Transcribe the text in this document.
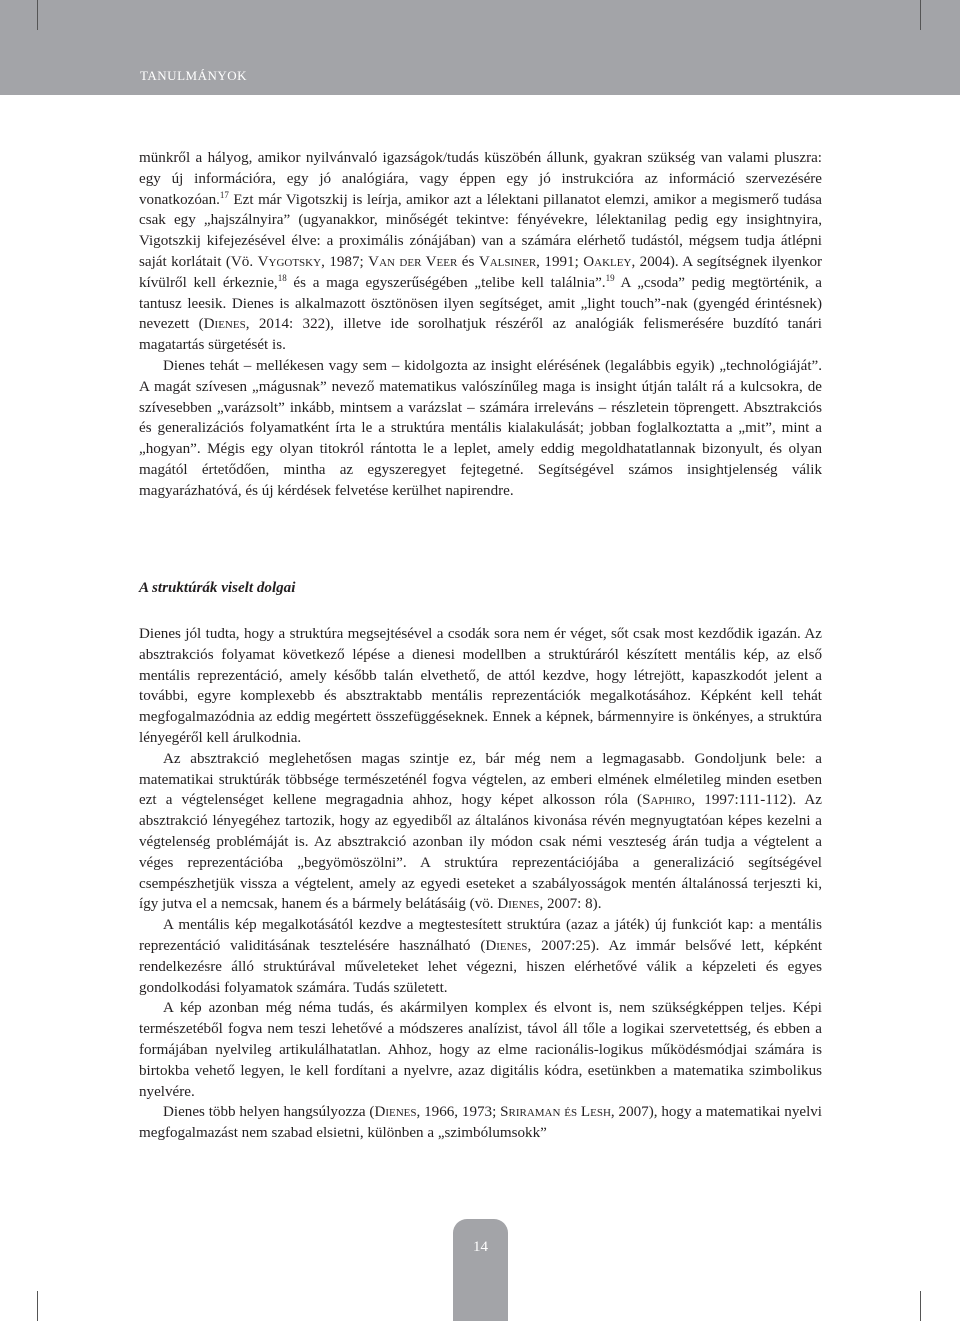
TANULMÁNYOK

münkről a hályog, amikor nyilvánvaló igazságok/tudás küszöbén állunk, gyakran szükség van valami pluszra: egy új információra, egy jó analógiára, vagy éppen egy jó instrukcióra az információ szervezésére vonatkozóan.$^{17}$ Ezt már Vigotszkij is leírja, amikor azt a lélektani pillanatot elemzi, amikor a megismerő tudása csak egy „hajszálnyira” (ugyanakkor, minőségét tekintve: fényévekre, lélektanilag pedig egy insightnyira, Vigotszkij kifejezésével élve: a proximális zónájában) van a számára elérhető tudástól, mégsem tudja átlépni saját korlátait (Vö. Vygotsky, 1987; Van der Veer és Valsiner, 1991; Oakley, 2004). A segítségnek ilyenkor kívülről kell érkeznie,$^{18}$ és a maga egyszerűségében „telibe kell találnia”.$^{19}$ A „csoda” pedig megtörténik, a tantusz leesik. Dienes is alkalmazott ösztönösen ilyen segítséget, amit „light touch”-nak (gyengéd érintésnek) nevezett (Dienes, 2014: 322), illetve ide sorolhatjuk részéről az analógiák felismerésére buzdító tanári magatartás sürgetését is.

Dienes tehát – mellékesen vagy sem – kidolgozta az insight elérésének (legalábbis egyik) „technológiáját”. A magát szívesen „mágusnak” nevező matematikus valószínűleg maga is insight útján talált rá a kulcsokra, de szívesebben „varázsolt” inkább, mintsem a varázslat – számára irreleváns – részletein töprengett. Absztrakciós és generalizációs folyamatként írta le a struktúra mentális kialakulását; jobban foglalkoztatta a „mit”, mint a „hogyan”. Mégis egy olyan titokról rántotta le a leplet, amely eddig megoldhatatlannak bizonyult, és olyan magától értetődően, mintha az egyszeregyet fejtegetné. Segítségével számos insightjelenség válik magyarázhatóvá, és új kérdések felvetése kerülhet napirendre.

A struktúrák viselt dolgai

Dienes jól tudta, hogy a struktúra megsejtésével a csodák sora nem ér véget, sőt csak most kezdődik igazán. Az absztrakciós folyamat következő lépése a dienesi modellben a struktúráról készített mentális kép, az első mentális reprezentáció, amely később talán elvethető, de attól kezdve, hogy létrejött, kapaszkodót jelent a további, egyre komplexebb és absztraktabb mentális reprezentációk megalkotásához. Képként kell tehát megfogalmazódnia az eddig megértett összefüggéseknek. Ennek a képnek, bármennyire is önkényes, a struktúra lényegéről kell árulkodnia.

Az absztrakció meglehetősen magas szintje ez, bár még nem a legmagasabb. Gondoljunk bele: a matematikai struktúrák többsége természeténél fogva végtelen, az emberi elmének elméletileg minden esetben ezt a végtelenséget kellene megragadnia ahhoz, hogy képet alkosson róla (Saphiro, 1997:111-112). Az absztrakció lényegéhez tartozik, hogy az egyediből az általános kivonása révén megnyugtatóan képes kezelni a végtelenség problémáját is. Az absztrakció azonban ily módon csak némi veszteség árán tudja a végtelent a véges reprezentációba „begyömöszölni”. A struktúra reprezentációjába a generalizáció segítségével csempészhetjük vissza a végtelent, amely az egyedi eseteket a szabályosságok mentén általánossá terjeszti ki, így jutva el a nemcsak, hanem és a bármely belátásáig (vö. Dienes, 2007: 8).

A mentális kép megalkotásától kezdve a megtestesített struktúra (azaz a játék) új funkciót kap: a mentális reprezentáció validitásának tesztelésére használható (Dienes, 2007:25). Az immár belsővé lett, képként rendelkezésre álló struktúrával műveleteket lehet végezni, hiszen elérhetővé válik a képzeleti és egyes gondolkodási folyamatok számára. Tudás született.

A kép azonban még néma tudás, és akármilyen komplex és elvont is, nem szükségképpen teljes. Képi természetéből fogva nem teszi lehetővé a módszeres analízist, távol áll tőle a logikai szervetettség, és ebben a formájában nyelvileg artikulálhatatlan. Ahhoz, hogy az elme racionális-logikus működésmódjai számára is birtokba vehető legyen, le kell fordítani a nyelvre, azaz digitális kódra, esetünkben a matematika szimbolikus nyelvére.

Dienes több helyen hangsúlyozza (Dienes, 1966, 1973; Sriraman és Lesh, 2007), hogy a matematikai nyelvi megfogalmazást nem szabad elsietni, különben a „szimbólumsokk”

14
